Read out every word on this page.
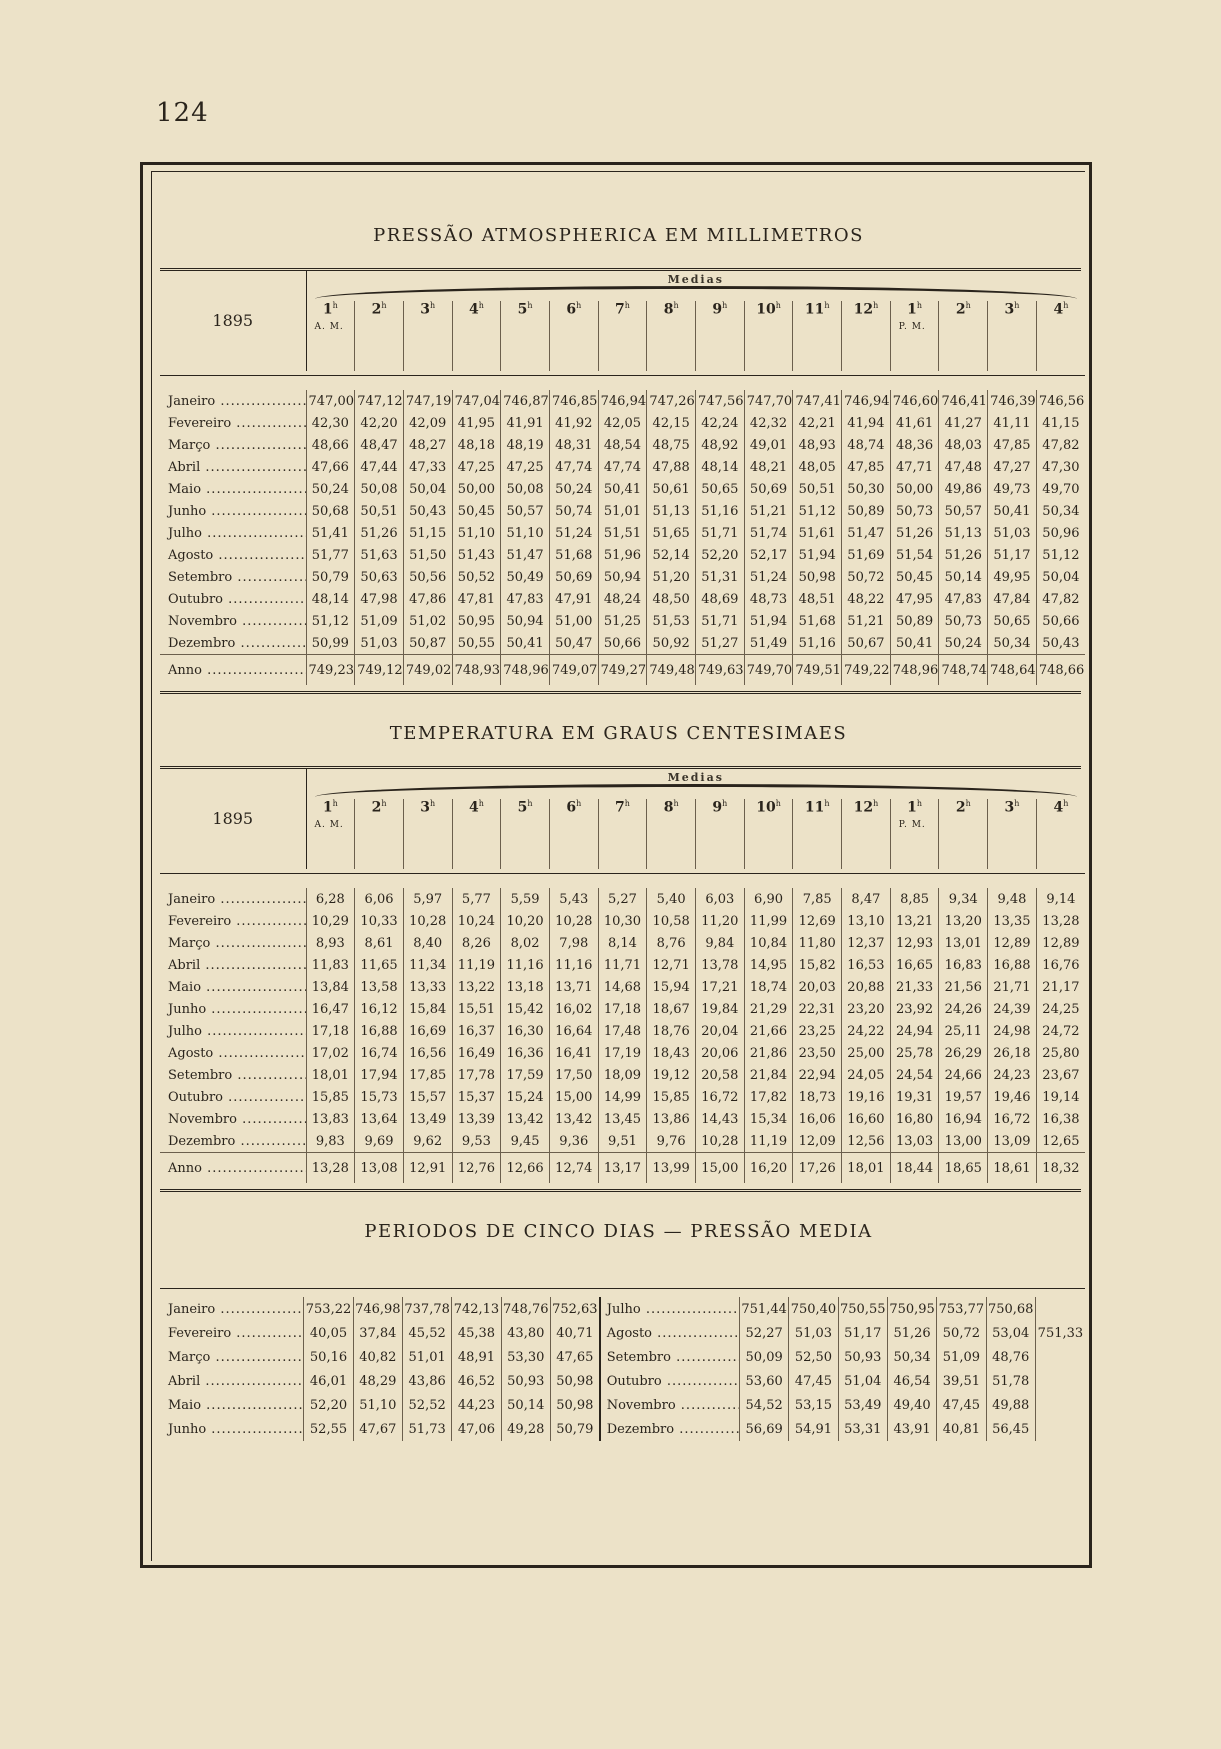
124
PRESSÃO ATMOSPHERICA EM MILLIMETROS
1895	Medias															

	1$^h$
A. M.	2$^h$	3$^h$	4$^h$	5$^h$	6$^h$	7$^h$	8$^h$	9$^h$	10$^h$	11$^h$	12$^h$	1$^h$
P. M.	2$^h$	3$^h$	4$^h$

Janeiro .....	747,00	747,12	747,19	747,04	746,87	746,85	746,94	747,26	747,56	747,70	747,41	746,94	746,60	746,41	746,39	746,56
Fevereiro .....	42,30	42,20	42,09	41,95	41,91	41,92	42,05	42,15	42,24	42,32	42,21	41,94	41,61	41,27	41,11	41,15
Março .....	48,66	48,47	48,27	48,18	48,19	48,31	48,54	48,75	48,92	49,01	48,93	48,74	48,36	48,03	47,85	47,82
Abril .....	47,66	47,44	47,33	47,25	47,25	47,74	47,74	47,88	48,14	48,21	48,05	47,85	47,71	47,48	47,27	47,30
Maio .....	50,24	50,08	50,04	50,00	50,08	50,24	50,41	50,61	50,65	50,69	50,51	50,30	50,00	49,86	49,73	49,70
Junho .....	50,68	50,51	50,43	50,45	50,57	50,74	51,01	51,13	51,16	51,21	51,12	50,89	50,73	50,57	50,41	50,34
Julho .....	51,41	51,26	51,15	51,10	51,10	51,24	51,51	51,65	51,71	51,74	51,61	51,47	51,26	51,13	51,03	50,96
Agosto .....	51,77	51,63	51,50	51,43	51,47	51,68	51,96	52,14	52,20	52,17	51,94	51,69	51,54	51,26	51,17	51,12
Setembro .....	50,79	50,63	50,56	50,52	50,49	50,69	50,94	51,20	51,31	51,24	50,98	50,72	50,45	50,14	49,95	50,04
Outubro .....	48,14	47,98	47,86	47,81	47,83	47,91	48,24	48,50	48,69	48,73	48,51	48,22	47,95	47,83	47,84	47,82
Novembro .....	51,12	51,09	51,02	50,95	50,94	51,00	51,25	51,53	51,71	51,94	51,68	51,21	50,89	50,73	50,65	50,66
Dezembro .....	50,99	51,03	50,87	50,55	50,41	50,47	50,66	50,92	51,27	51,49	51,16	50,67	50,41	50,24	50,34	50,43
Anno .....	749,23	749,12	749,02	748,93	748,96	749,07	749,27	749,48	749,63	749,70	749,51	749,22	748,96	748,74	748,64	748,66
TEMPERATURA EM GRAUS CENTESIMAES
1895	Medias															

	1$^h$
A. M.	2$^h$	3$^h$	4$^h$	5$^h$	6$^h$	7$^h$	8$^h$	9$^h$	10$^h$	11$^h$	12$^h$	1$^h$
P. M.	2$^h$	3$^h$	4$^h$

Janeiro .....	6,28	6,06	5,97	5,77	5,59	5,43	5,27	5,40	6,03	6,90	7,85	8,47	8,85	9,34	9,48	9,14
Fevereiro .....	10,29	10,33	10,28	10,24	10,20	10,28	10,30	10,58	11,20	11,99	12,69	13,10	13,21	13,20	13,35	13,28
Março .....	8,93	8,61	8,40	8,26	8,02	7,98	8,14	8,76	9,84	10,84	11,80	12,37	12,93	13,01	12,89	12,89
Abril .....	11,83	11,65	11,34	11,19	11,16	11,16	11,71	12,71	13,78	14,95	15,82	16,53	16,65	16,83	16,88	16,76
Maio .....	13,84	13,58	13,33	13,22	13,18	13,71	14,68	15,94	17,21	18,74	20,03	20,88	21,33	21,56	21,71	21,17
Junho .....	16,47	16,12	15,84	15,51	15,42	16,02	17,18	18,67	19,84	21,29	22,31	23,20	23,92	24,26	24,39	24,25
Julho .....	17,18	16,88	16,69	16,37	16,30	16,64	17,48	18,76	20,04	21,66	23,25	24,22	24,94	25,11	24,98	24,72
Agosto .....	17,02	16,74	16,56	16,49	16,36	16,41	17,19	18,43	20,06	21,86	23,50	25,00	25,78	26,29	26,18	25,80
Setembro .....	18,01	17,94	17,85	17,78	17,59	17,50	18,09	19,12	20,58	21,84	22,94	24,05	24,54	24,66	24,23	23,67
Outubro .....	15,85	15,73	15,57	15,37	15,24	15,00	14,99	15,85	16,72	17,82	18,73	19,16	19,31	19,57	19,46	19,14
Novembro .....	13,83	13,64	13,49	13,39	13,42	13,42	13,45	13,86	14,43	15,34	16,06	16,60	16,80	16,94	16,72	16,38
Dezembro .....	9,83	9,69	9,62	9,53	9,45	9,36	9,51	9,76	10,28	11,19	12,09	12,56	13,03	13,00	13,09	12,65
Anno .....	13,28	13,08	12,91	12,76	12,66	12,74	13,17	13,99	15,00	16,20	17,26	18,01	18,44	18,65	18,61	18,32
PERIODOS DE CINCO DIAS — PRESSÃO MEDIA

Janeiro .....	753,22	746,98	737,78	742,13	748,76	752,63	Julho .....	751,44	750,40	750,55	750,95	753,77	750,68	
Fevereiro .....	40,05	37,84	45,52	45,38	43,80	40,71	Agosto .....	52,27	51,03	51,17	51,26	50,72	53,04	751,33
Março .....	50,16	40,82	51,01	48,91	53,30	47,65	Setembro .....	50,09	52,50	50,93	50,34	51,09	48,76	
Abril .....	46,01	48,29	43,86	46,52	50,93	50,98	Outubro .....	53,60	47,45	51,04	46,54	39,51	51,78	
Maio .....	52,20	51,10	52,52	44,23	50,14	50,98	Novembro .....	54,52	53,15	53,49	49,40	47,45	49,88	
Junho .....	52,55	47,67	51,73	47,06	49,28	50,79	Dezembro .....	56,69	54,91	53,31	43,91	40,81	56,45	
